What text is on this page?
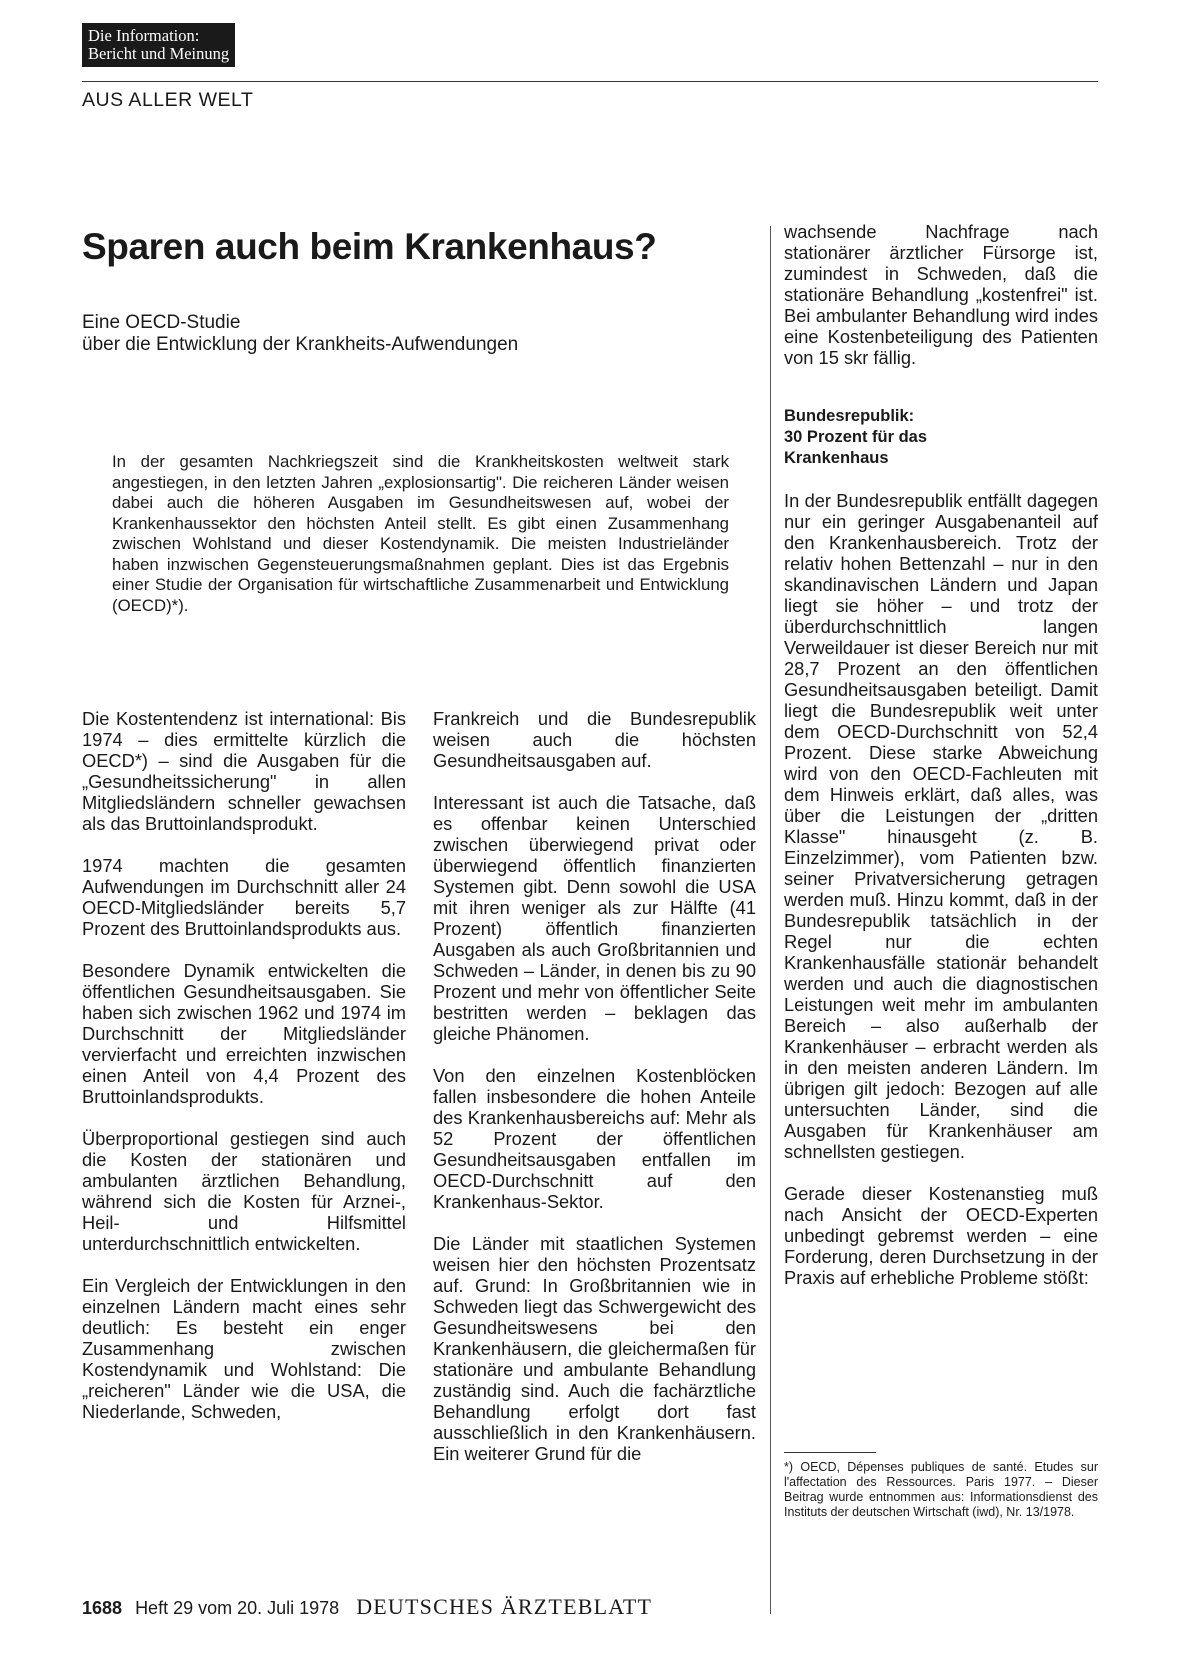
Die Information:
Bericht und Meinung
AUS ALLER WELT
Sparen auch beim Krankenhaus?
Eine OECD-Studie
über die Entwicklung der Krankheits-Aufwendungen

In der gesamten Nachkriegszeit sind die Krankheitskosten weltweit stark angestiegen, in den letzten Jahren „explosionsartig". Die reicheren Länder weisen dabei auch die höheren Ausgaben im Gesundheitswesen auf, wobei der Krankenhaussektor den höchsten Anteil stellt. Es gibt einen Zusammenhang zwischen Wohlstand und dieser Kostendynamik. Die meisten Industrieländer haben inzwischen Gegensteuerungsmaßnahmen geplant. Dies ist das Ergebnis einer Studie der Organisation für wirtschaftliche Zusammenarbeit und Entwicklung (OECD)*).

Die Kostentendenz ist international: Bis 1974 – dies ermittelte kürzlich die OECD*) – sind die Ausgaben für die „Gesundheitssicherung" in allen Mitgliedsländern schneller gewachsen als das Bruttoinlandsprodukt.

1974 machten die gesamten Aufwendungen im Durchschnitt aller 24 OECD-Mitgliedsländer bereits 5,7 Prozent des Bruttoinlandsprodukts aus.

Besondere Dynamik entwickelten die öffentlichen Gesundheitsausgaben. Sie haben sich zwischen 1962 und 1974 im Durchschnitt der Mitgliedsländer vervierfacht und erreichten inzwischen einen Anteil von 4,4 Prozent des Bruttoinlandsprodukts.

Überproportional gestiegen sind auch die Kosten der stationären und ambulanten ärztlichen Behandlung, während sich die Kosten für Arznei-, Heil- und Hilfsmittel unterdurchschnittlich entwickelten.

Ein Vergleich der Entwicklungen in den einzelnen Ländern macht eines sehr deutlich: Es besteht ein enger Zusammenhang zwischen Kostendynamik und Wohlstand: Die „reicheren" Länder wie die USA, die Niederlande, Schweden,

Frankreich und die Bundesrepublik weisen auch die höchsten Gesundheitsausgaben auf.

Interessant ist auch die Tatsache, daß es offenbar keinen Unterschied zwischen überwiegend privat oder überwiegend öffentlich finanzierten Systemen gibt. Denn sowohl die USA mit ihren weniger als zur Hälfte (41 Prozent) öffentlich finanzierten Ausgaben als auch Großbritannien und Schweden – Länder, in denen bis zu 90 Prozent und mehr von öffentlicher Seite bestritten werden – beklagen das gleiche Phänomen.

Von den einzelnen Kostenblöcken fallen insbesondere die hohen Anteile des Krankenhausbereichs auf: Mehr als 52 Prozent der öffentlichen Gesundheitsausgaben entfallen im OECD-Durchschnitt auf den Krankenhaus-Sektor.

Die Länder mit staatlichen Systemen weisen hier den höchsten Prozentsatz auf. Grund: In Großbritannien wie in Schweden liegt das Schwergewicht des Gesundheitswesens bei den Krankenhäusern, die gleichermaßen für stationäre und ambulante Behandlung zuständig sind. Auch die fachärztliche Behandlung erfolgt dort fast ausschließlich in den Krankenhäusern. Ein weiterer Grund für die

wachsende Nachfrage nach stationärer ärztlicher Fürsorge ist, zumindest in Schweden, daß die stationäre Behandlung „kostenfrei" ist. Bei ambulanter Behandlung wird indes eine Kostenbeteiligung des Patienten von 15 skr fällig.

Bundesrepublik:
30 Prozent für das
Krankenhaus

In der Bundesrepublik entfällt dagegen nur ein geringer Ausgabenanteil auf den Krankenhausbereich. Trotz der relativ hohen Bettenzahl – nur in den skandinavischen Ländern und Japan liegt sie höher – und trotz der überdurchschnittlich langen Verweildauer ist dieser Bereich nur mit 28,7 Prozent an den öffentlichen Gesundheitsausgaben beteiligt. Damit liegt die Bundesrepublik weit unter dem OECD-Durchschnitt von 52,4 Prozent. Diese starke Abweichung wird von den OECD-Fachleuten mit dem Hinweis erklärt, daß alles, was über die Leistungen der „dritten Klasse" hinausgeht (z. B. Einzelzimmer), vom Patienten bzw. seiner Privatversicherung getragen werden muß. Hinzu kommt, daß in der Bundesrepublik tatsächlich in der Regel nur die echten Krankenhausfälle stationär behandelt werden und auch die diagnostischen Leistungen weit mehr im ambulanten Bereich – also außerhalb der Krankenhäuser – erbracht werden als in den meisten anderen Ländern. Im übrigen gilt jedoch: Bezogen auf alle untersuchten Länder, sind die Ausgaben für Krankenhäuser am schnellsten gestiegen.

Gerade dieser Kostenanstieg muß nach Ansicht der OECD-Experten unbedingt gebremst werden – eine Forderung, deren Durchsetzung in der Praxis auf erhebliche Probleme stößt:

*) OECD, Dépenses publiques de santé. Etudes sur l'affectation des Ressources. Paris 1977. – Dieser Beitrag wurde entnommen aus: Informationsdienst des Instituts der deutschen Wirtschaft (iwd), Nr. 13/1978.

1688 Heft 29 vom 20. Juli 1978 DEUTSCHES ÄRZTEBLATT
